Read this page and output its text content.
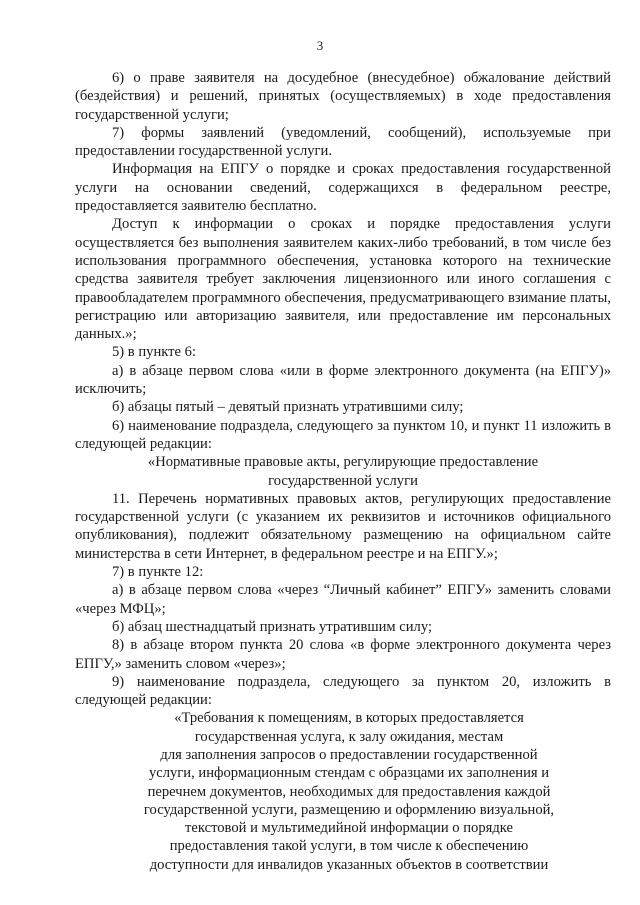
3

6) о праве заявителя на досудебное (внесудебное) обжалование действий (бездействия) и решений, принятых (осуществляемых) в ходе предоставления государственной услуги;

7) формы заявлений (уведомлений, сообщений), используемые при предоставлении государственной услуги.

Информация на ЕПГУ о порядке и сроках предоставления государственной услуги на основании сведений, содержащихся в федеральном реестре, предоставляется заявителю бесплатно.

Доступ к информации о сроках и порядке предоставления услуги осуществляется без выполнения заявителем каких-либо требований, в том числе без использования программного обеспечения, установка которого на технические средства заявителя требует заключения лицензионного или иного соглашения с правообладателем программного обеспечения, предусматривающего взимание платы, регистрацию или авторизацию заявителя, или предоставление им персональных данных.»;

5) в пункте 6:

а) в абзаце первом слова «или в форме электронного документа (на ЕПГУ)» исключить;

б) абзацы пятый – девятый признать утратившими силу;

6) наименование подраздела, следующего за пунктом 10, и пункт 11 изложить в следующей редакции:

«Нормативные правовые акты, регулирующие предоставление

государственной услуги

11. Перечень нормативных правовых актов, регулирующих предоставление государственной услуги (с указанием их реквизитов и источников официального опубликования), подлежит обязательному размещению на официальном сайте министерства в сети Интернет, в федеральном реестре и на ЕПГУ.»;

7) в пункте 12:

а) в абзаце первом слова «через “Личный кабинет” ЕПГУ» заменить словами «через МФЦ»;

б) абзац шестнадцатый признать утратившим силу;

8) в абзаце втором пункта 20 слова «в форме электронного документа через ЕПГУ,» заменить словом «через»;

9) наименование подраздела, следующего за пунктом 20, изложить в следующей редакции:

«Требования к помещениям, в которых предоставляется

государственная услуга, к залу ожидания, местам

для заполнения запросов о предоставлении государственной

услуги, информационным стендам с образцами их заполнения и

перечнем документов, необходимых для предоставления каждой

государственной услуги, размещению и оформлению визуальной,

текстовой и мультимедийной информации о порядке

предоставления такой услуги, в том числе к обеспечению

доступности для инвалидов указанных объектов в соответствии
